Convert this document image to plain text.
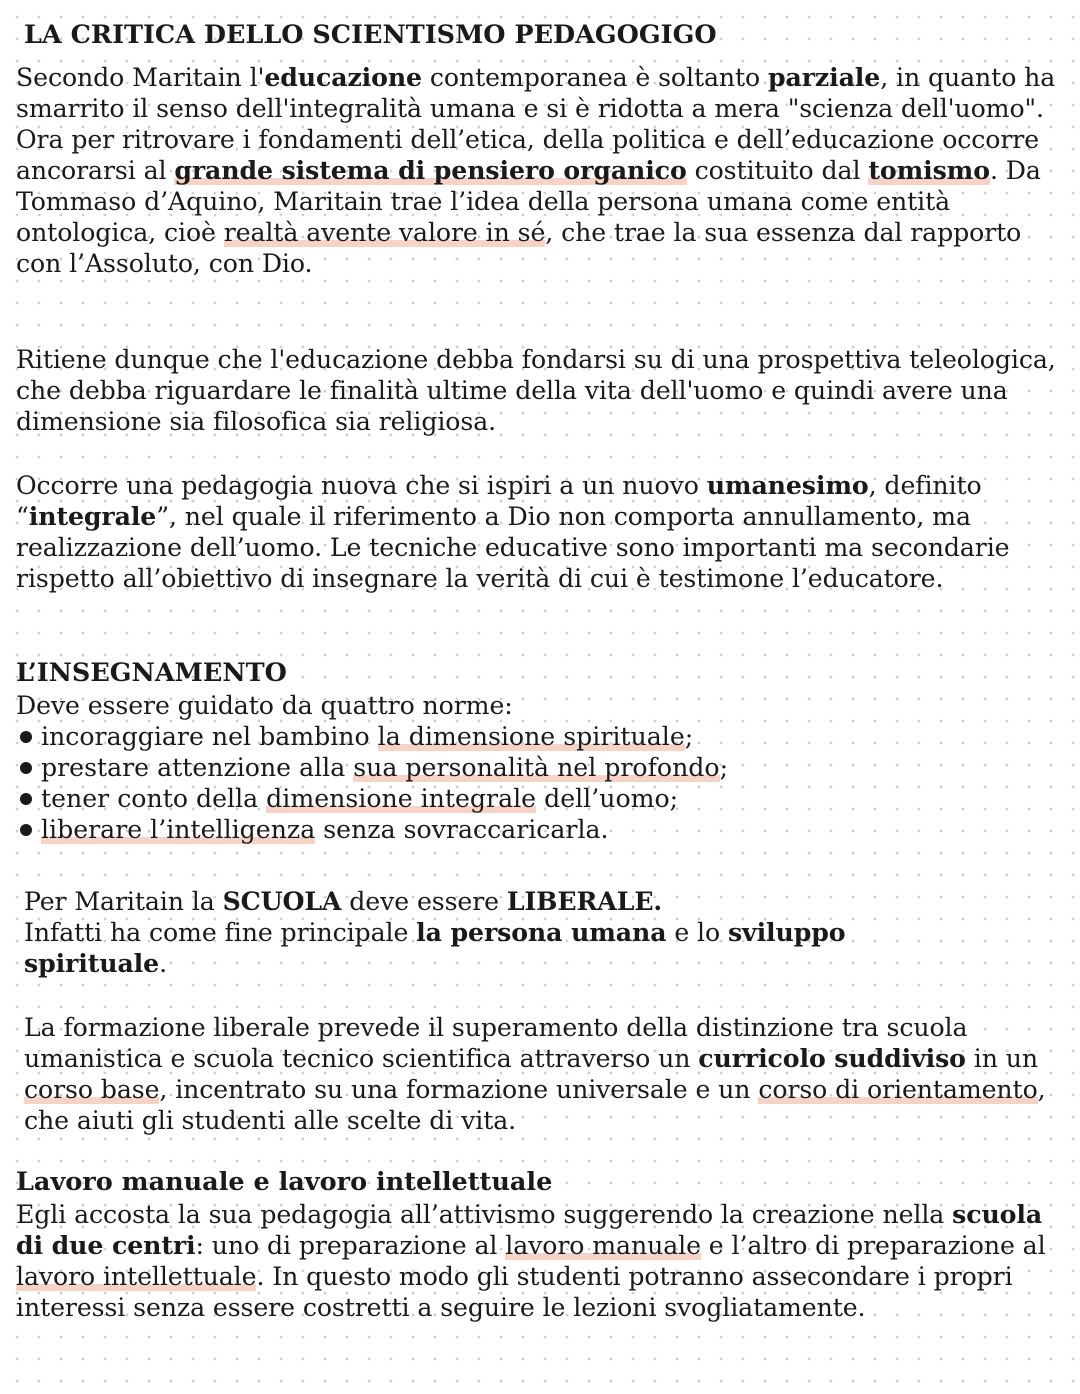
LA CRITICA DELLO SCIENTISMO PEDAGOGIGO

Secondo Maritain l'educazione contemporanea è soltanto parziale, in quanto ha smarrito il senso dell'integralità umana e si è ridotta a mera "scienza dell'uomo". Ora per ritrovare i fondamenti dell’etica, della politica e dell’educazione occorre ancorarsi al grande sistema di pensiero organico costituito dal tomismo. Da Tommaso d’Aquino, Maritain trae l’idea della persona umana come entità ontologica, cioè realtà avente valore in sé, che trae la sua essenza dal rapporto con l’Assoluto, con Dio.

Ritiene dunque che l'educazione debba fondarsi su di una prospettiva teleologica, che debba riguardare le finalità ultime della vita dell'uomo e quindi avere una dimensione sia filosofica sia religiosa.

Occorre una pedagogia nuova che si ispiri a un nuovo umanesimo, definito “integrale”, nel quale il riferimento a Dio non comporta annullamento, ma realizzazione dell’uomo. Le tecniche educative sono importanti ma secondarie rispetto all’obiettivo di insegnare la verità di cui è testimone l’educatore.

L’INSEGNAMENTO

Deve essere guidato da quattro norme:

incoraggiare nel bambino la dimensione spirituale;
prestare attenzione alla sua personalità nel profondo;
tener conto della dimensione integrale dell’uomo;
liberare l’intelligenza senza sovraccaricarla.

Per Maritain la SCUOLA deve essere LIBERALE.

Infatti ha come fine principale la persona umana e lo sviluppo spirituale.

La formazione liberale prevede il superamento della distinzione tra scuola umanistica e scuola tecnico scientifica attraverso un curricolo suddiviso in un corso base, incentrato su una formazione universale e un corso di orientamento, che aiuti gli studenti alle scelte di vita.

Lavoro manuale e lavoro intellettuale

Egli accosta la sua pedagogia all’attivismo suggerendo la creazione nella scuola di due centri: uno di preparazione al lavoro manuale e l’altro di preparazione al lavoro intellettuale. In questo modo gli studenti potranno assecondare i propri interessi senza essere costretti a seguire le lezioni svogliatamente.
